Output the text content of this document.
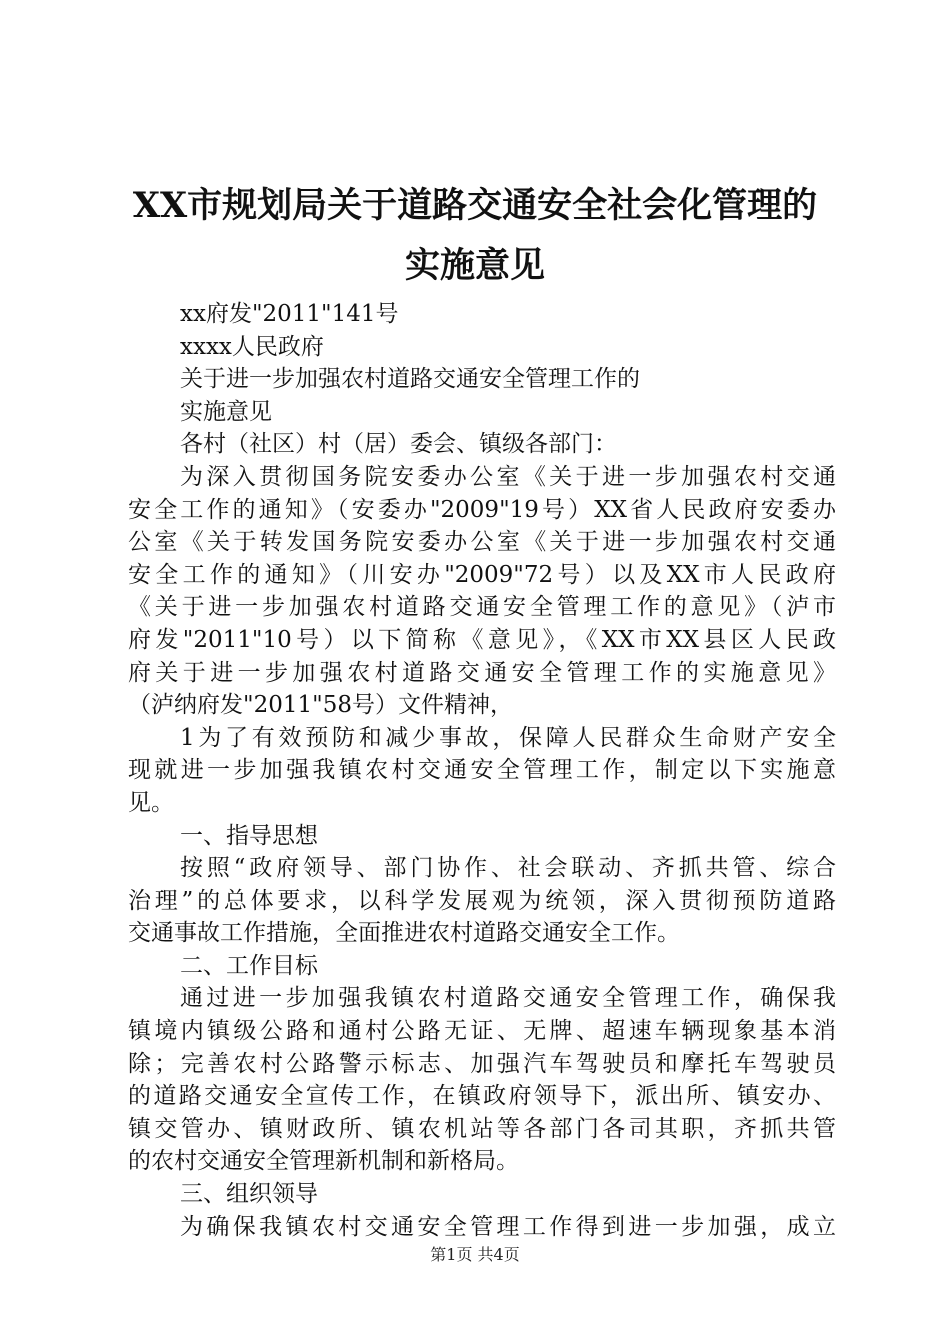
XX市规划局关于道路交通安全社会化管理的
实施意见
xx府发"2011"141号
xxxx人民政府
关于进一步加强农村道路交通安全管理工作的
实施意见
各村（社区）村（居）委会、镇级各部门：
为深入贯彻国务院安委办公室《关于进一步加强农村交通
安全工作的通知》（安委办"2009"19号）XX省人民政府安委办
公室《关于转发国务院安委办公室《关于进一步加强农村交通
安全工作的通知》（川安办"2009"72号）以及XX市人民政府
《关于进一步加强农村道路交通安全管理工作的意见》（泸市
府发"2011"10号）以下简称《意见》，《XX市XX县区人民政
府关于进一步加强农村道路交通安全管理工作的实施意见》
（泸纳府发"2011"58号）文件精神，
1为了有效预防和减少事故，保障人民群众生命财产安全
现就进一步加强我镇农村交通安全管理工作，制定以下实施意
见。
一、指导思想
按照“政府领导、部门协作、社会联动、齐抓共管、综合
治理”的总体要求，以科学发展观为统领，深入贯彻预防道路
交通事故工作措施，全面推进农村道路交通安全工作。
二、工作目标
通过进一步加强我镇农村道路交通安全管理工作，确保我
镇境内镇级公路和通村公路无证、无牌、超速车辆现象基本消
除；完善农村公路警示标志、加强汽车驾驶员和摩托车驾驶员
的道路交通安全宣传工作，在镇政府领导下，派出所、镇安办、
镇交管办、镇财政所、镇农机站等各部门各司其职，齐抓共管
的农村交通安全管理新机制和新格局。
三、组织领导
为确保我镇农村交通安全管理工作得到进一步加强，成立
第1页 共4页
